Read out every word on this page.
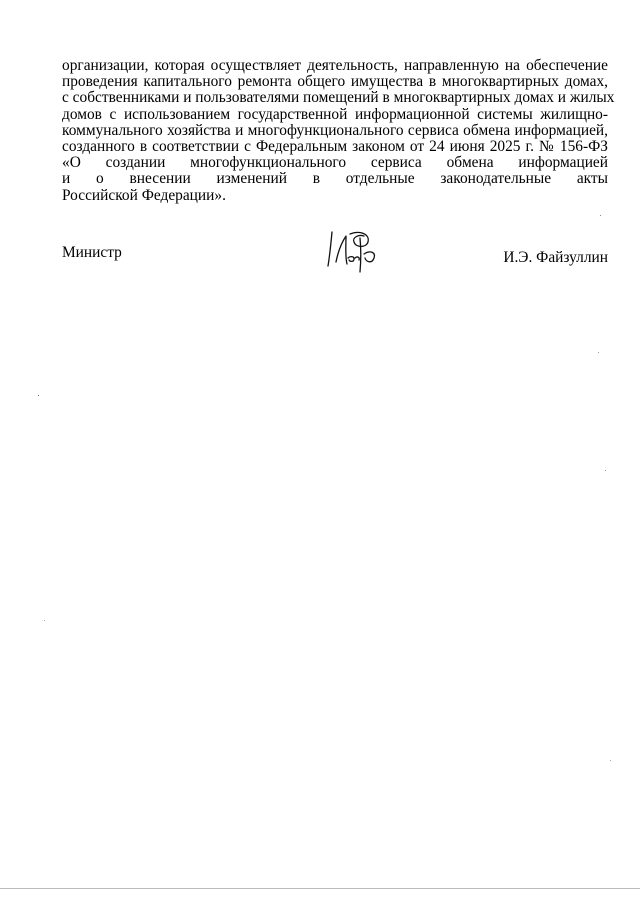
организации, которая осуществляет деятельность, направленную на обеспечение
проведения капитального ремонта общего имущества в многоквартирных домах,
с собственниками и пользователями помещений в многоквартирных домах и жилых
домов с использованием государственной информационной системы жилищно-
коммунального хозяйства и многофункционального сервиса обмена информацией,
созданного в соответствии с Федеральным законом от 24 июня 2025 г. № 156-ФЗ
«О создании многофункционального сервиса обмена информацией
и о внесении изменений в отдельные законодательные акты
Российской Федерации».
Министр	И.Э. Файзуллин
